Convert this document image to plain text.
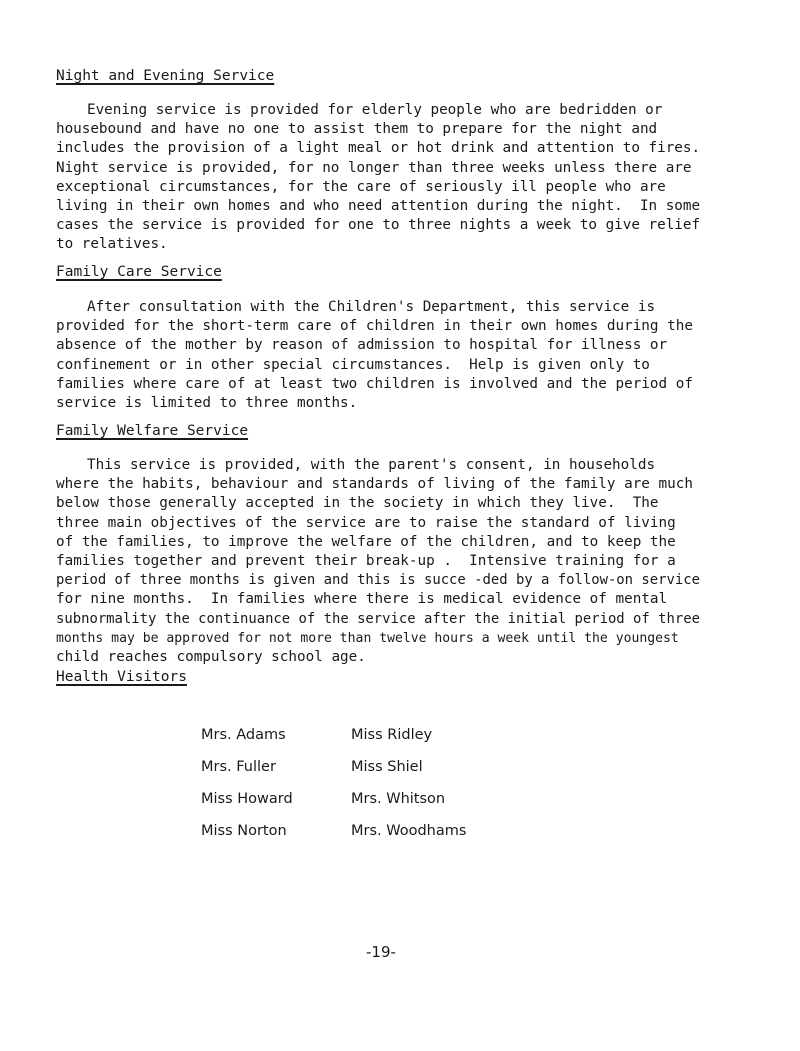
Night and Evening Service

Evening service is provided for elderly people who are bedridden or
housebound and have no one to assist them to prepare for the night and
includes the provision of a light meal or hot drink and attention to fires.
Night service is provided, for no longer than three weeks unless there are
exceptional circumstances, for the care of seriously ill people who are
living in their own homes and who need attention during the night.  In some
cases the service is provided for one to three nights a week to give relief
to relatives.

Family Care Service

After consultation with the Children's Department, this service is
provided for the short-term care of children in their own homes during the
absence of the mother by reason of admission to hospital for illness or
confinement or in other special circumstances.  Help is given only to
families where care of at least two children is involved and the period of
service is limited to three months.

Family Welfare Service

This service is provided, with the parent's consent, in households
where the habits, behaviour and standards of living of the family are much
below those generally accepted in the society in which they live.  The
three main objectives of the service are to raise the standard of living
of the families, to improve the welfare of the children, and to keep the
families together and prevent their break-up .  Intensive training for a
period of three months is given and this is succe -ded by a follow-on service
for nine months.  In families where there is medical evidence of mental
subnormality the continuance of the service after the initial period of three
months may be approved for not more than twelve hours a week until the youngest
child reaches compulsory school age.

Health Visitors
Mrs. Adams	Miss Ridley
Mrs. Fuller	Miss Shiel
Miss Howard	Mrs. Whitson
Miss Norton	Mrs. Woodhams
-19-
